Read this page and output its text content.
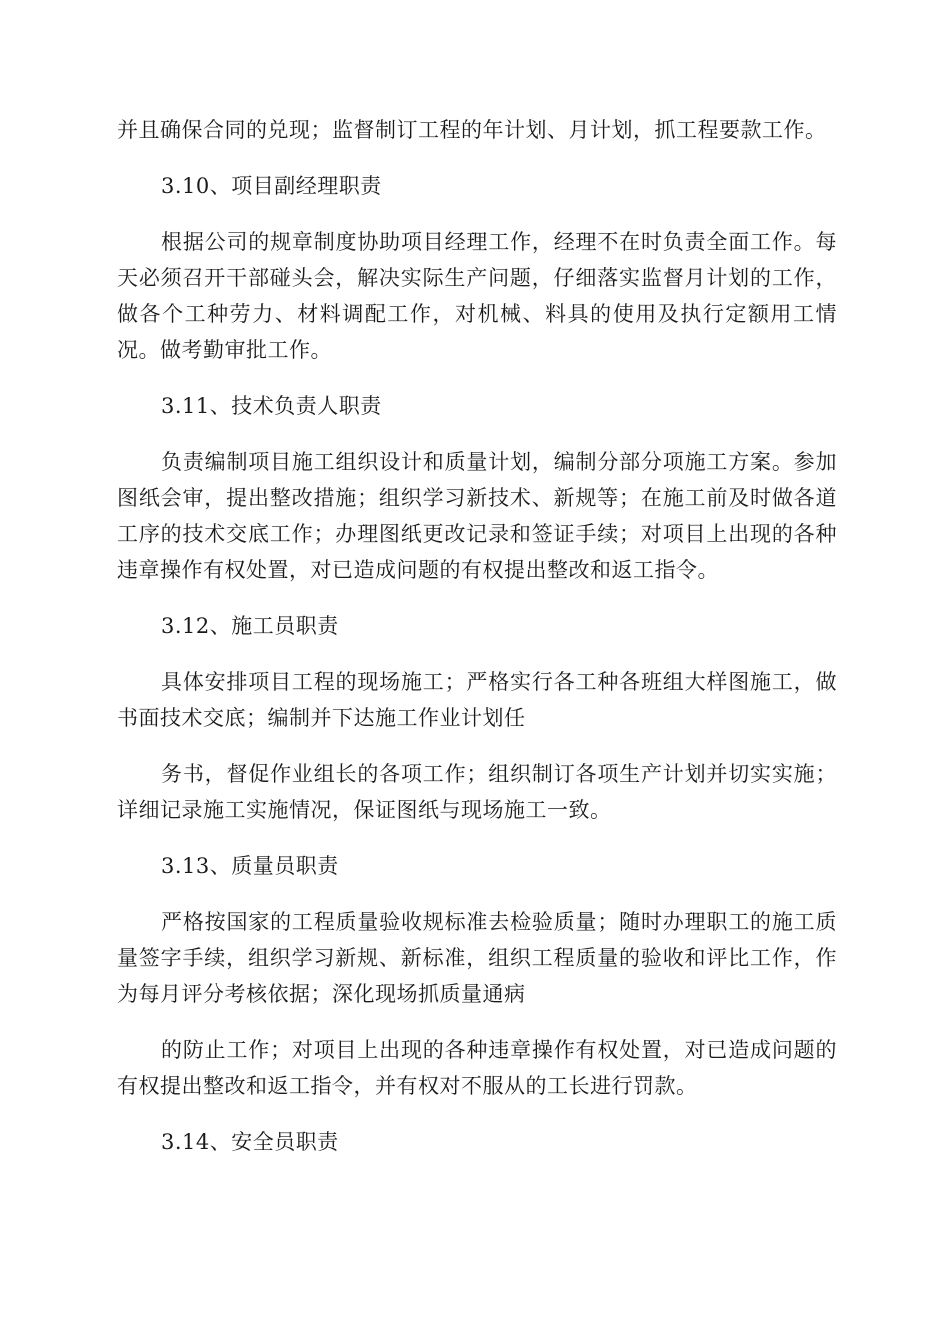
并且确保合同的兑现；监督制订工程的年计划、月计划，抓工程要款工作。

3.10、项目副经理职责

根据公司的规章制度协助项目经理工作，经理不在时负责全面工作。每天必须召开干部碰头会，解决实际生产问题，仔细落实监督月计划的工作，做各个工种劳力、材料调配工作，对机械、料具的使用及执行定额用工情况。做考勤审批工作。

3.11、技术负责人职责

负责编制项目施工组织设计和质量计划，编制分部分项施工方案。参加图纸会审，提出整改措施；组织学习新技术、新规等；在施工前及时做各道工序的技术交底工作；办理图纸更改记录和签证手续；对项目上出现的各种违章操作有权处置，对已造成问题的有权提出整改和返工指令。

3.12、施工员职责

具体安排项目工程的现场施工；严格实行各工种各班组大样图施工，做书面技术交底；编制并下达施工作业计划任

务书，督促作业组长的各项工作；组织制订各项生产计划并切实实施；详细记录施工实施情况，保证图纸与现场施工一致。

3.13、质量员职责

严格按国家的工程质量验收规标准去检验质量；随时办理职工的施工质量签字手续，组织学习新规、新标准，组织工程质量的验收和评比工作，作为每月评分考核依据；深化现场抓质量通病

的防止工作；对项目上出现的各种违章操作有权处置，对已造成问题的有权提出整改和返工指令，并有权对不服从的工长进行罚款。

3.14、安全员职责
